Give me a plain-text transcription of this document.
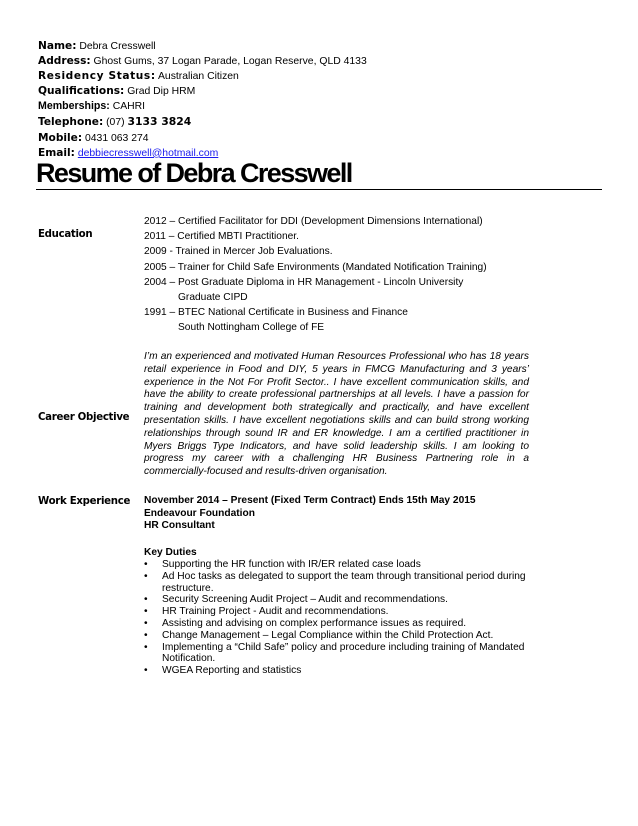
Name: Debra Cresswell
Address: Ghost Gums, 37 Logan Parade, Logan Reserve, QLD 4133
Residency Status: Australian Citizen
Qualifications: Grad Dip HRM
Memberships: CAHRI
Telephone: (07) 3133 3824
Mobile: 0431 063 274
Email: debbiecresswell@hotmail.com
Resume of Debra Cresswell
Education
2012 – Certified Facilitator for DDI (Development Dimensions International)
2011 – Certified MBTI Practitioner.
2009 - Trained in Mercer Job Evaluations.
2005 – Trainer for Child Safe Environments (Mandated Notification Training)
2004 – Post Graduate Diploma in HR Management - Lincoln University
Graduate CIPD
1991 – BTEC National Certificate in Business and Finance
South Nottingham College of FE
Career Objective
I’m an experienced and motivated Human Resources Professional who has 18 years retail experience in Food and DIY, 5 years in FMCG Manufacturing and 3 years’ experience in the Not For Profit Sector.. I have excellent communication skills, and have the ability to create professional partnerships at all levels. I have a passion for training and development both strategically and practically, and have excellent presentation skills. I have excellent negotiations skills and can build strong working relationships through sound IR and ER knowledge. I am a certified practitioner in Myers Briggs Type Indicators, and have solid leadership skills. I am looking to progress my career with a challenging HR Business Partnering role in a commercially-focused and results-driven organisation.
Work Experience November 2014 – Present (Fixed Term Contract) Ends 15th May 2015
Endeavour Foundation
HR Consultant
Key Duties
• Supporting the HR function with IR/ER related case loads
• Ad Hoc tasks as delegated to support the team through transitional period during restructure.
• Security Screening Audit Project – Audit and recommendations.
• HR Training Project - Audit and recommendations.
• Assisting and advising on complex performance issues as required.
• Change Management – Legal Compliance within the Child Protection Act.
• Implementing a “Child Safe” policy and procedure including training of Mandated Notification.
• WGEA Reporting and statistics
